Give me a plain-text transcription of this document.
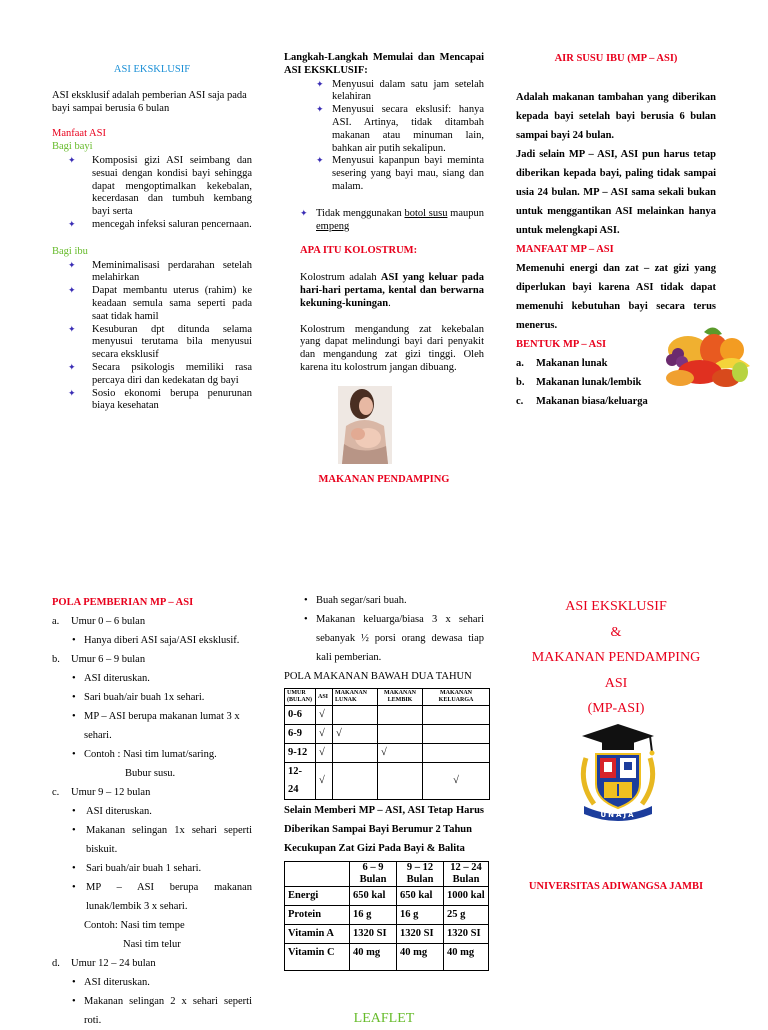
ASI EKSKLUSIF
ASI eksklusif adalah pemberian ASI saja pada bayi sampai berusia 6 bulan
Manfaat ASI
Bagi bayi
✦ Komposisi gizi ASI seimbang dan sesuai dengan kondisi bayi sehingga dapat mengoptimalkan kekebalan, kecerdasan dan tumbuh kembang bayi serta
✦ mencegah infeksi saluran pencernaan.
Bagi ibu
✦ Meminimalisasi perdarahan setelah melahirkan
✦ Dapat membantu uterus (rahim) ke keadaan semula sama seperti pada saat tidak hamil
✦ Kesuburan dpt ditunda selama menyusui terutama bila menyusui secara eksklusif
✦ Secara psikologis memiliki rasa percaya diri dan kedekatan dg bayi
✦ Sosio ekonomi berupa penurunan biaya kesehatan
Langkah-Langkah Memulai dan Mencapai ASI EKSKLUSIF:
✦ Menyusui dalam satu jam setelah kelahiran
✦ Menyusui secara ekslusif: hanya ASI. Artinya, tidak ditambah makanan atau minuman lain, bahkan air putih sekalipun.
✦ Menyusui kapanpun bayi meminta sesering yang bayi mau, siang dan malam.
✦ Tidak menggunakan botol susu maupun empeng
APA ITU KOLOSTRUM:
Kolostrum adalah ASI yang keluar pada hari-hari pertama, kental dan berwarna kekuning-kuningan.
Kolostrum mengandung zat kekebalan yang dapat melindungi bayi dari penyakit dan mengandung zat gizi tinggi. Oleh karena itu kolostrum jangan dibuang.
MAKANAN PENDAMPING
AIR SUSU IBU (MP – ASI)
Adalah makanan tambahan yang diberikan kepada bayi setelah bayi berusia 6 bulan sampai bayi 24 bulan.
Jadi selain MP – ASI, ASI pun harus tetap diberikan kepada bayi, paling tidak sampai usia 24 bulan. MP – ASI sama sekali bukan untuk menggantikan ASI melainkan hanya untuk melengkapi ASI.
MANFAAT MP – ASI
Memenuhi energi dan zat – zat gizi yang diperlukan bayi karena ASI tidak dapat memenuhi kebutuhan bayi secara terus menerus.
BENTUK MP – ASI
a. Makanan lunak
b. Makanan lunak/lembik
c. Makanan biasa/keluarga
POLA PEMBERIAN MP – ASI
a. Umur 0 – 6 bulan
• Hanya diberi ASI saja/ASI eksklusif.
b. Umur 6 – 9 bulan
• ASI diteruskan.
• Sari buah/air buah 1x sehari.
• MP – ASI berupa makanan lumat 3 x sehari.
• Contoh : Nasi tim lumat/saring.
Bubur susu.
c. Umur 9 – 12 bulan
• ASI diteruskan.
• Makanan selingan 1x sehari seperti biskuit.
• Sari buah/air buah 1 sehari.
• MP – ASI berupa makanan lunak/lembik 3 x sehari.
Contoh: Nasi tim tempe
Nasi tim telur
d. Umur 12 – 24 bulan
• ASI diteruskan.
• Makanan selingan 2 x sehari seperti roti.
• Buah segar/sari buah.
• Makanan keluarga/biasa 3 x sehari sebanyak ½ porsi orang dewasa tiap kali pemberian.
POLA MAKANAN BAWAH DUA TAHUN
UMUR (BULAN)	ASI	MAKANAN LUNAK	MAKANAN LEMBIK	MAKANAN KELUARGA
0-6	√			
6-9	√	√		
9-12	√		√	
12-24	√			√
Selain Memberi MP – ASI, ASI Tetap Harus Diberikan Sampai Bayi Berumur 2 Tahun
Kecukupan Zat Gizi Pada Bayi & Balita
	6 – 9 Bulan	9 – 12 Bulan	12 – 24 Bulan
Energi	650 kal	650 kal	1000 kal
Protein	16 g	16 g	25 g
Vitamin A	1320 SI	1320 SI	1320 SI
Vitamin C	40 mg	40 mg	40 mg
LEAFLET
ASI EKSKLUSIF
&
MAKANAN PENDAMPING
ASI
(MP-ASI)
UNAJA
UNIVERSITAS ADIWANGSA JAMBI
